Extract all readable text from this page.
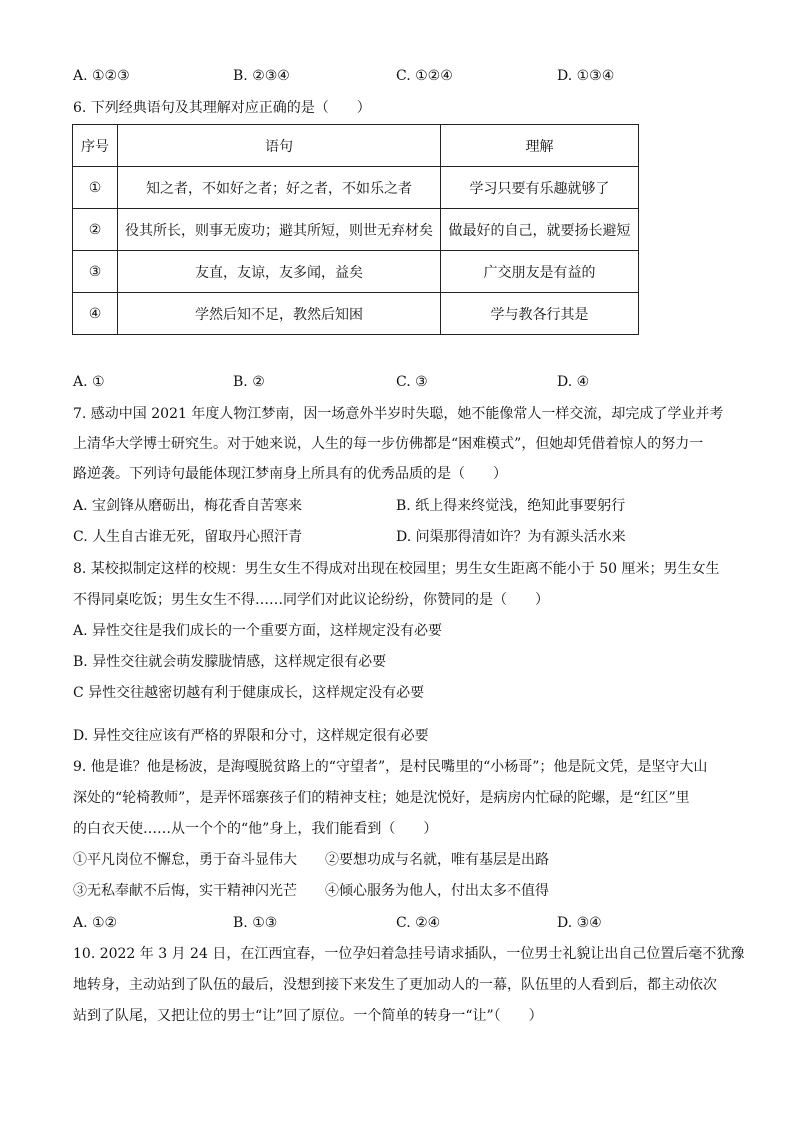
A. ①②③	B. ②③④	C. ①②④	D. ①③④
6. 下列经典语句及其理解对应正确的是（　　）
序号	语句	理解
①	知之者，不如好之者；好之者，不如乐之者	学习只要有乐趣就够了
②	役其所长，则事无废功；避其所短，则世无弃材矣	做最好的自己，就要扬长避短
③	友直，友谅，友多闻，益矣	广交朋友是有益的
④	学然后知不足，教然后知困	学与教各行其是
A. ①	B. ②	C. ③	D. ④
7. 感动中国 2021 年度人物江梦南，因一场意外半岁时失聪，她不能像常人一样交流，却完成了学业并考
上清华大学博士研究生。对于她来说，人生的每一步仿佛都是“困难模式”，但她却凭借着惊人的努力一
路逆袭。下列诗句最能体现江梦南身上所具有的优秀品质的是（　　）
A. 宝剑锋从磨砺出，梅花香自苦寒来	B. 纸上得来终觉浅，绝知此事要躬行
C. 人生自古谁无死，留取丹心照汗青	D. 问渠那得清如许？为有源头活水来
8. 某校拟制定这样的校规：男生女生不得成对出现在校园里；男生女生距离不能小于 50 厘米；男生女生
不得同桌吃饭；男生女生不得……同学们对此议论纷纷，你赞同的是（　　）
A. 异性交往是我们成长的一个重要方面，这样规定没有必要
B. 异性交往就会萌发朦胧情感，这样规定很有必要
C 异性交往越密切越有利于健康成长，这样规定没有必要
D. 异性交往应该有严格的界限和分寸，这样规定很有必要
9. 他是谁？他是杨波，是海嘎脱贫路上的“守望者”，是村民嘴里的“小杨哥”；他是阮文凭，是坚守大山
深处的“轮椅教师”，是弄怀瑶寨孩子们的精神支柱；她是沈悦好，是病房内忙碌的陀螺，是“红区”里
的白衣天使……从一个个的“他”身上，我们能看到（　　）
①平凡岗位不懈怠，勇于奋斗显伟大　　②要想功成与名就，唯有基层是出路
③无私奉献不后悔，实干精神闪光芒　　④倾心服务为他人，付出太多不值得
A. ①②	B. ①③	C. ②④	D. ③④
10. 2022 年 3 月 24 日，在江西宜春，一位孕妇着急挂号请求插队，一位男士礼貌让出自己位置后毫不犹豫
地转身，主动站到了队伍的最后，没想到接下来发生了更加动人的一幕，队伍里的人看到后，都主动依次
站到了队尾，又把让位的男士“让”回了原位。一个简单的转身一“让”（　　）
